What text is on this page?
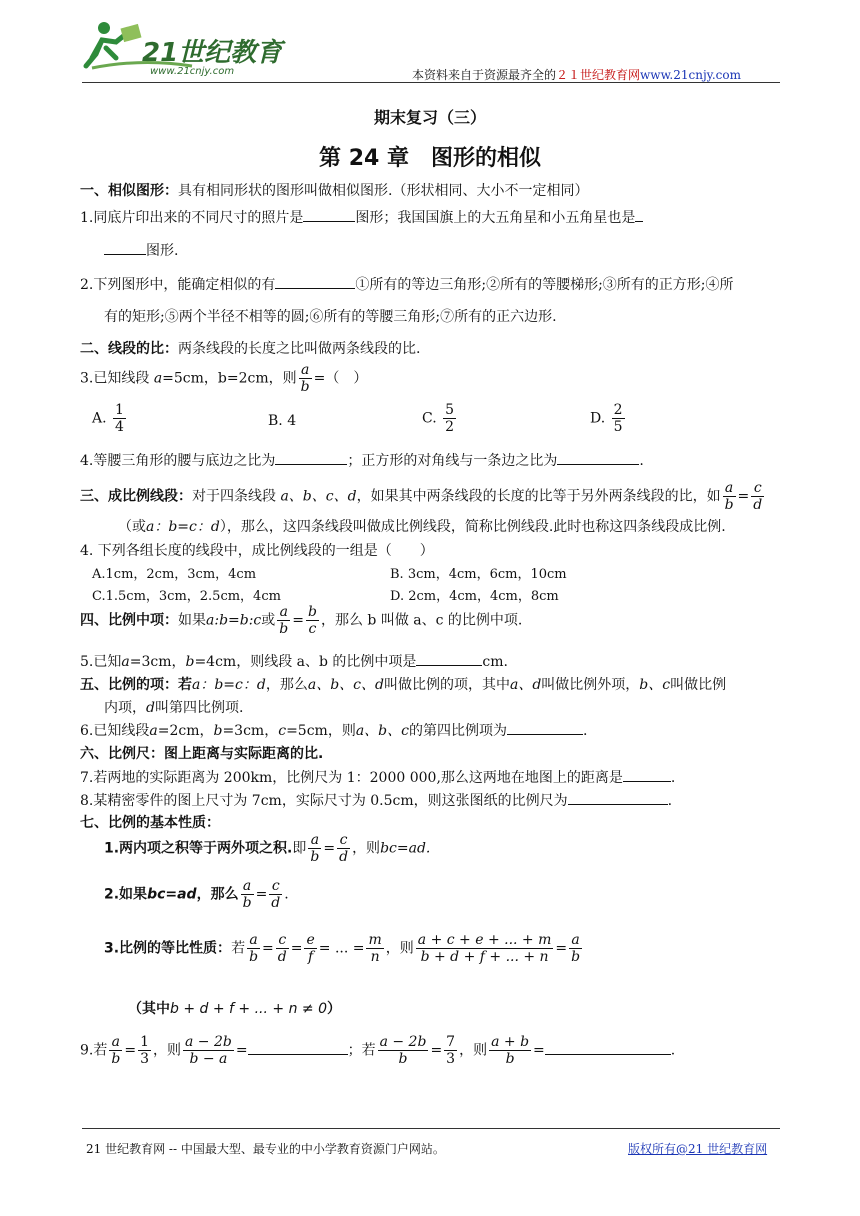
21世纪教育
www.21cnjy.com	本资料来自于资源最齐全的２１世纪教育网www.21cnjy.com
期末复习（三）
第 24 章　图形的相似
一、相似图形：具有相同形状的图形叫做相似图形.（形状相同、大小不一定相同）
1.同底片印出来的不同尺寸的照片是	图形；我国国旗上的大五角星和小五角星也是
图形.
2.下列图形中，能确定相似的有	①所有的等边三角形;②所有的等腰梯形;③所有的正方形;④所
有的矩形;⑤两个半径不相等的圆;⑥所有的等腰三角形;⑦所有的正六边形.
二、线段的比：两条线段的长度之比叫做两条线段的比.
3.已知线段 a=5cm，b=2cm，则 $\frac{a}{b}$ =（　）
A. $\frac{1}{4}$	B. 4	C. $\frac{5}{2}$	D. $\frac{2}{5}$
4.等腰三角形的腰与底边之比为	；正方形的对角线与一条边之比为	.
三、成比例线段：对于四条线段 a、b、c、d，如果其中两条线段的长度的比等于另外两条线段的比，如 $\frac{a}{b} = \frac{c}{d}$
（或a：b=c：d），那么，这四条线段叫做成比例线段，简称比例线段.此时也称这四条线段成比例.
4. 下列各组长度的线段中，成比例线段的一组是（　　）
A.1cm，2cm，3cm，4cm	B. 3cm，4cm，6cm，10cm
C.1.5cm，3cm，2.5cm，4cm	D. 2cm，4cm，4cm，8cm
四、比例中项：如果a:b=b:c或 $\frac{a}{b} = \frac{b}{c}$ ，那么 b 叫做 a、c 的比例中项.
5.已知a=3cm，b=4cm，则线段 a、b 的比例中项是	cm.
五、比例的项：若a：b=c：d，那么a、b、c、d叫做比例的项，其中a、d叫做比例外项，b、c叫做比例
内项，d叫第四比例项.
6.已知线段a=2cm，b=3cm，c=5cm，则a、b、c的第四比例项为	.
六、比例尺：图上距离与实际距离的比.
7.若两地的实际距离为 200km，比例尺为 1：2000 000,那么这两地在地图上的距离是	.
8.某精密零件的图上尺寸为 7cm，实际尺寸为 0.5cm，则这张图纸的比例尺为	.
七、比例的基本性质：
1.两内项之积等于两外项之积.即 $\frac{a}{b} = \frac{c}{d}$ ，则bc=ad.
2.如果bc=ad，那么 $\frac{a}{b} = \frac{c}{d}$ .
3.比例的等比性质：若 $\frac{a}{b} = \frac{c}{d} = \frac{e}{f}$ = ... = $\frac{m}{n}$ ，则 $\frac{a + c + e + ... + m}{b + d + f + ... + n} = \frac{a}{b}$
（其中b + d + f + ... + n ≠ 0）
9.若 $\frac{a}{b} = \frac{1}{3}$ ，则 $\frac{a - 2b}{b - a}$ =	；若 $\frac{a - 2b}{b} = \frac{7}{3}$ ，则 $\frac{a + b}{b}$ =	.
21 世纪教育网 -- 中国最大型、最专业的中小学教育资源门户网站。	版权所有@21 世纪教育网
